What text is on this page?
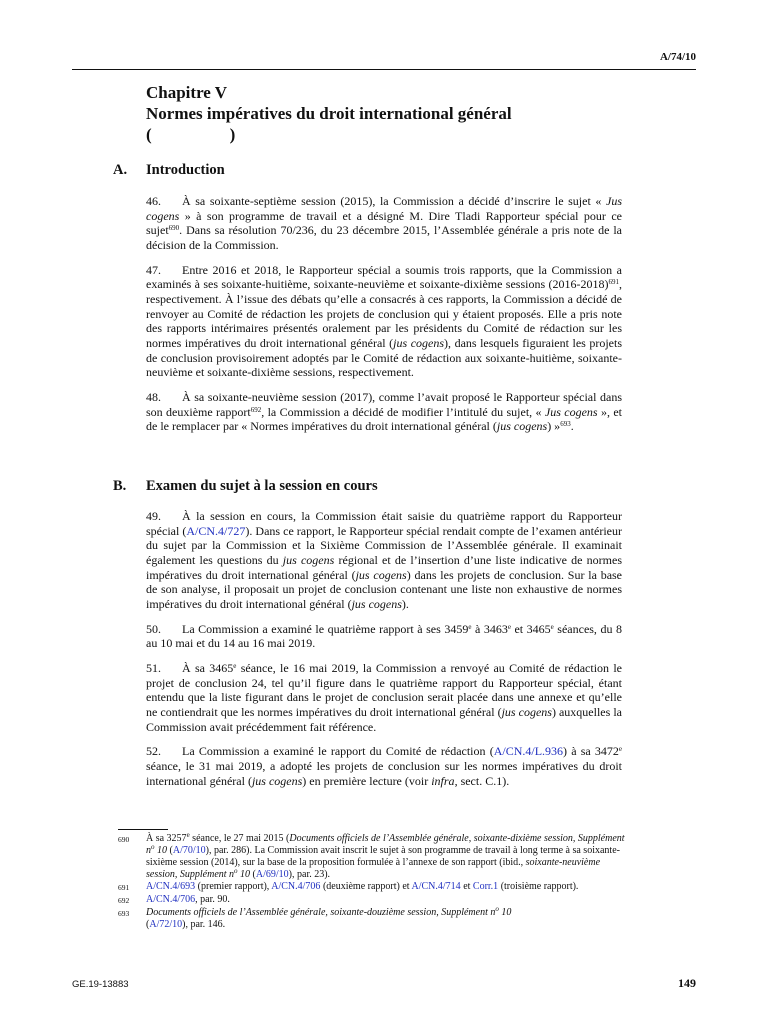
A/74/10
Chapitre V
Normes impératives du droit international général
(	)
A. Introduction

46. À sa soixante-septième session (2015), la Commission a décidé d’inscrire le sujet « Jus cogens » à son programme de travail et a désigné M. Dire Tladi Rapporteur spécial pour ce sujet$^{690}$. Dans sa résolution 70/236, du 23 décembre 2015, l’Assemblée générale a pris note de la décision de la Commission.

47. Entre 2016 et 2018, le Rapporteur spécial a soumis trois rapports, que la Commission a examinés à ses soixante-huitième, soixante-neuvième et soixante-dixième sessions (2016-2018)$^{691}$, respectivement. À l’issue des débats qu’elle a consacrés à ces rapports, la Commission a décidé de renvoyer au Comité de rédaction les projets de conclusion qui y étaient proposés. Elle a pris note des rapports intérimaires présentés oralement par les présidents du Comité de rédaction sur les normes impératives du droit international général (jus cogens), dans lesquels figuraient les projets de conclusion provisoirement adoptés par le Comité de rédaction aux soixante-huitième, soixante-neuvième et soixante-dixième sessions, respectivement.

48. À sa soixante-neuvième session (2017), comme l’avait proposé le Rapporteur spécial dans son deuxième rapport$^{692}$, la Commission a décidé de modifier l’intitulé du sujet, « Jus cogens », et de le remplacer par « Normes impératives du droit international général (jus cogens) »$^{693}$.

B. Examen du sujet à la session en cours

49. À la session en cours, la Commission était saisie du quatrième rapport du Rapporteur spécial (A/CN.4/727). Dans ce rapport, le Rapporteur spécial rendait compte de l’examen antérieur du sujet par la Commission et la Sixième Commission de l’Assemblée générale. Il examinait également les questions du jus cogens régional et de l’insertion d’une liste indicative de normes impératives du droit international général (jus cogens) dans les projets de conclusion. Sur la base de son analyse, il proposait un projet de conclusion contenant une liste non exhaustive de normes impératives du droit international général (jus cogens).

50. La Commission a examiné le quatrième rapport à ses 3459e à 3463e et 3465e séances, du 8 au 10 mai et du 14 au 16 mai 2019.

51. À sa 3465e séance, le 16 mai 2019, la Commission a renvoyé au Comité de rédaction le projet de conclusion 24, tel qu’il figure dans le quatrième rapport du Rapporteur spécial, étant entendu que la liste figurant dans le projet de conclusion serait placée dans une annexe et qu’elle ne contiendrait que les normes impératives du droit international général (jus cogens) auxquelles la Commission avait précédemment fait référence.

52. La Commission a examiné le rapport du Comité de rédaction (A/CN.4/L.936) à sa 3472e séance, le 31 mai 2019, a adopté les projets de conclusion sur les normes impératives du droit international général (jus cogens) en première lecture (voir infra, sect. C.1).

690	À sa 3257e séance, le 27 mai 2015 (Documents officiels de l’Assemblée générale, soixante-dixième session, Supplément $n^o$ 10 (A/70/10), par. 286). La Commission avait inscrit le sujet à son programme de travail à long terme à sa soixante-sixième session (2014), sur la base de la proposition formulée à l’annexe de son rapport (ibid., soixante-neuvième session, Supplément $n^o$ 10 (A/69/10), par. 23).
691	A/CN.4/693 (premier rapport), A/CN.4/706 (deuxième rapport) et A/CN.4/714 et Corr.1 (troisième rapport).
692	A/CN.4/706, par. 90.
693	Documents officiels de l’Assemblée générale, soixante-douzième session, Supplément $n^o$ 10
(A/72/10), par. 146.
GE.19-13883	149
